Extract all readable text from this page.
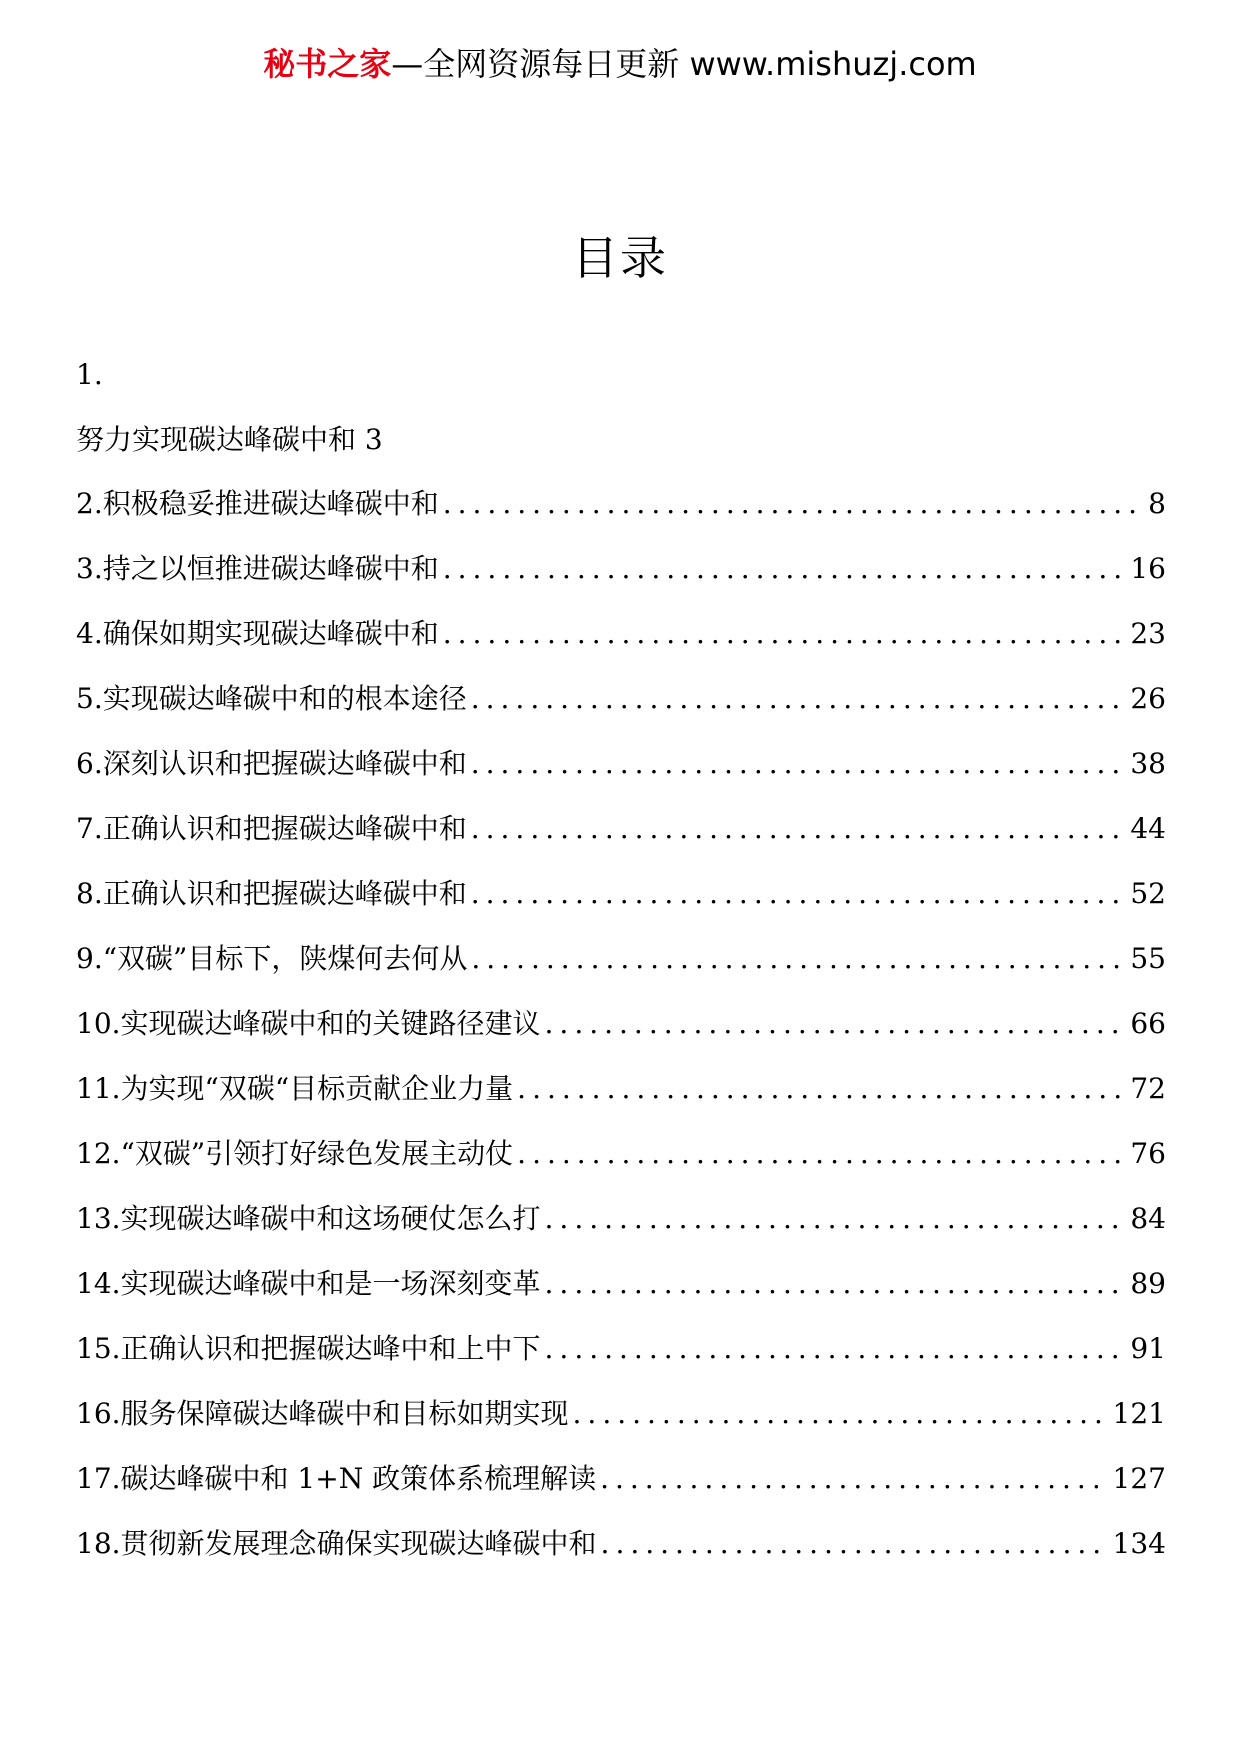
秘书之家—全网资源每日更新 www.mishuzj.com
目录
1.
努力实现碳达峰碳中和 3
2.积极稳妥推进碳达峰碳中和 .....	8
3.持之以恒推进碳达峰碳中和 .....	16
4.确保如期实现碳达峰碳中和 .....	23
5.实现碳达峰碳中和的根本途径 .....	26
6.深刻认识和把握碳达峰碳中和 .....	38
7.正确认识和把握碳达峰碳中和 .....	44
8.正确认识和把握碳达峰碳中和 .....	52
9.“双碳”目标下，陕煤何去何从 .....	55
10.实现碳达峰碳中和的关键路径建议 .....	66
11.为实现“双碳“目标贡献企业力量 .....	72
12.“双碳”引领打好绿色发展主动仗 .....	76
13.实现碳达峰碳中和这场硬仗怎么打 .....	84
14.实现碳达峰碳中和是一场深刻变革 .....	89
15.正确认识和把握碳达峰中和上中下 .....	91
16.服务保障碳达峰碳中和目标如期实现 .....	121
17.碳达峰碳中和 1+N 政策体系梳理解读 .....	127
18.贯彻新发展理念确保实现碳达峰碳中和 .....	134
